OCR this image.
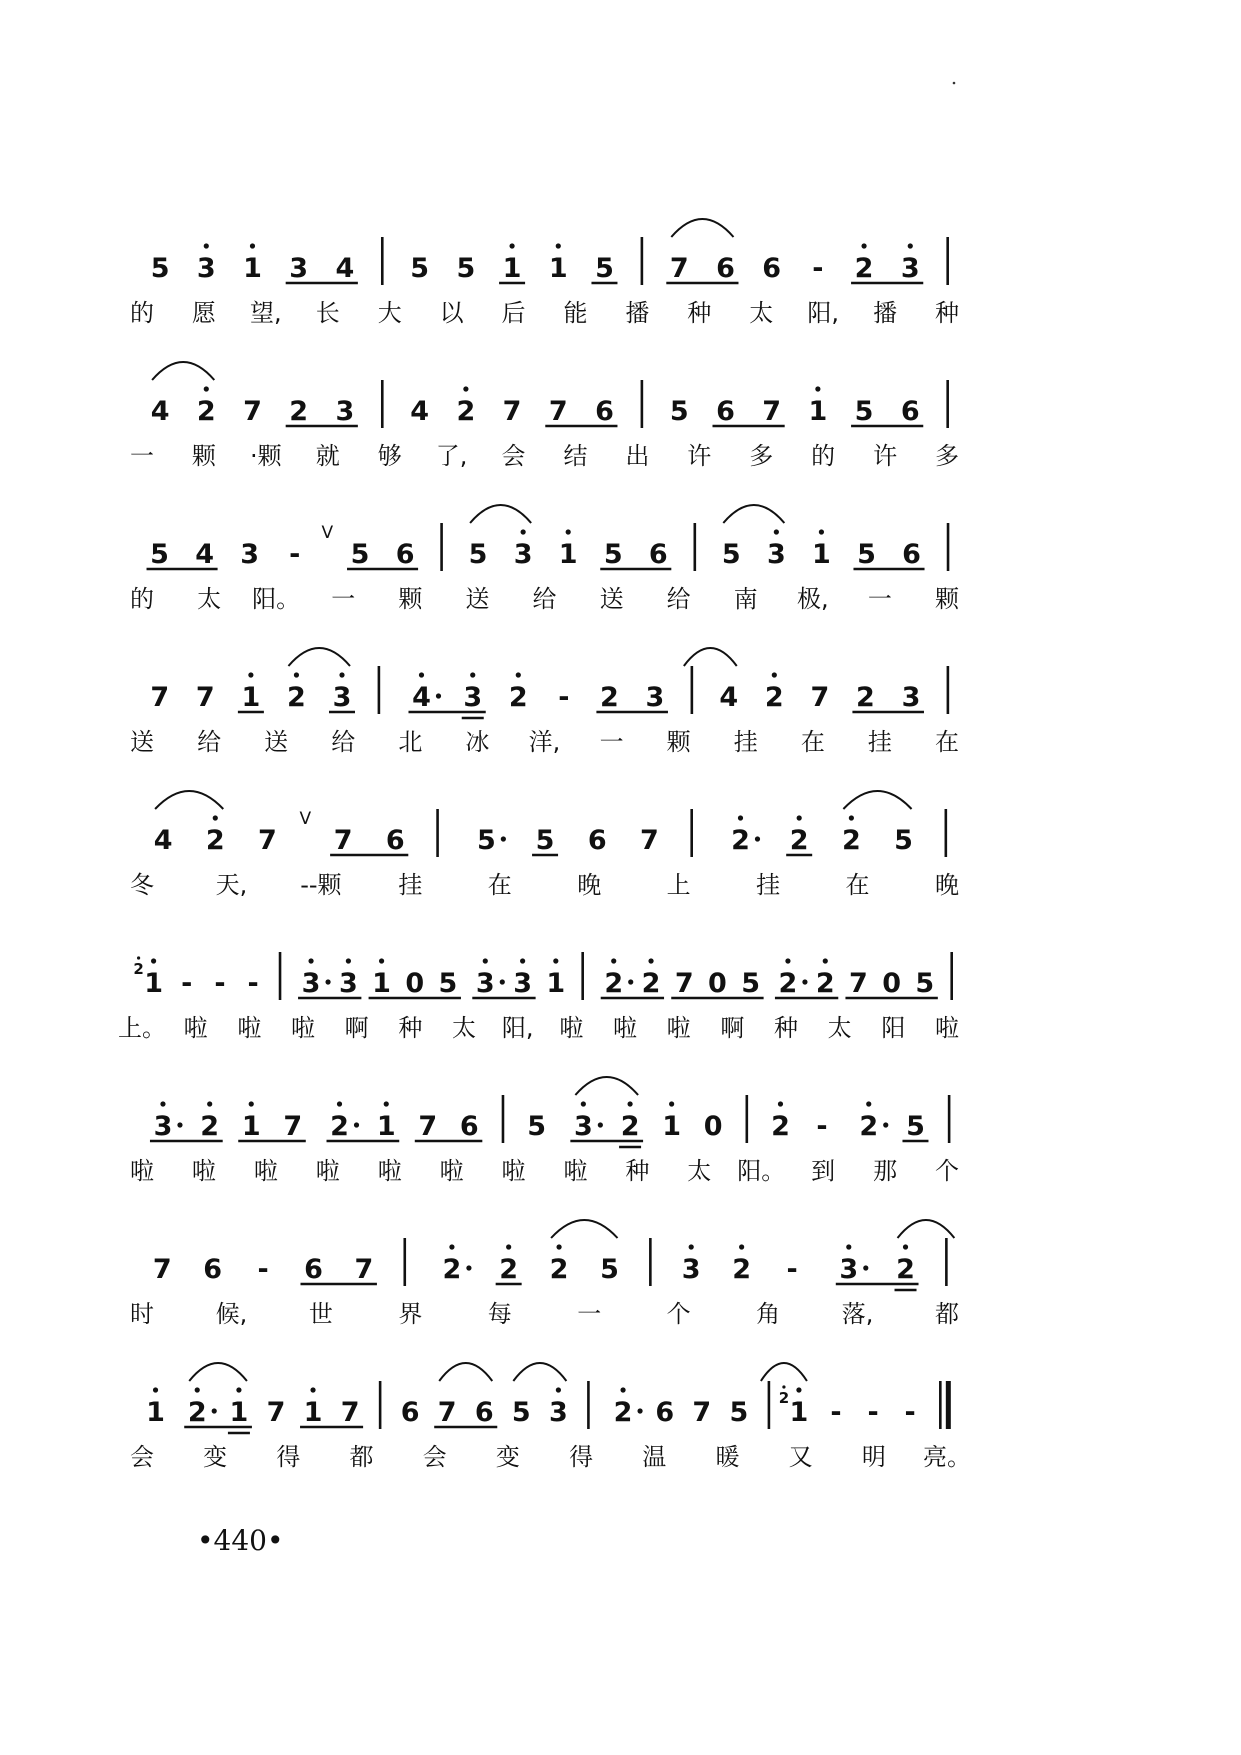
5 3 1 3 4 5 5 1 1 5 7 6 6 - 2 3
的 愿 望, 长 大 以 后 能 播 种 太 阳, 播 种
4 2 7 2 3 4 2 7 7 6 5 6 7 1 5 6
一 颗 ·颗 就 够 了, 会 结 出 许 多 的 许 多
5 4 3 -
V
5 6 5 3 1 5 6 5 3 1 5 6
的 太 阳。 一 颗 送 给 送 给 南 极, 一 颗
7 7 1 2 3 4 3 2 - 2 3 4 2 7 2 3
送 给 送 给 北 冰 洋, 一 颗 挂 在 挂 在
4 2 7
V
7 6	5 5 6 7	2 2 2 5
冬	天, --颗 挂	在	晚	上	挂	在	晚
1
2 - - - 3 3 1 0 5 3 3 1 2 2 7 0 5 2 2 7 0 5
上。 啦 啦 啦 啊 种 太 阳, 啦 啦 啦 啊 种 太 阳 啦
3 2 1 7 2 1 7 6 5 3 2 1 0 2 - 2 5
啦 啦 啦 啦 啦 啦 啦 啦 种 太 阳。 到 那 个
7 6 - 6 7	2 2 2 5 3 2 - 3 2
时	候,	世	界	每	一	个	角	落,	都
1 2 1 7 1 7 6 7 6 5 3 2 6 7 5 1
2 - - -
会 变 得 都 会 变 得 温 暖 又 明 亮。
•440•
